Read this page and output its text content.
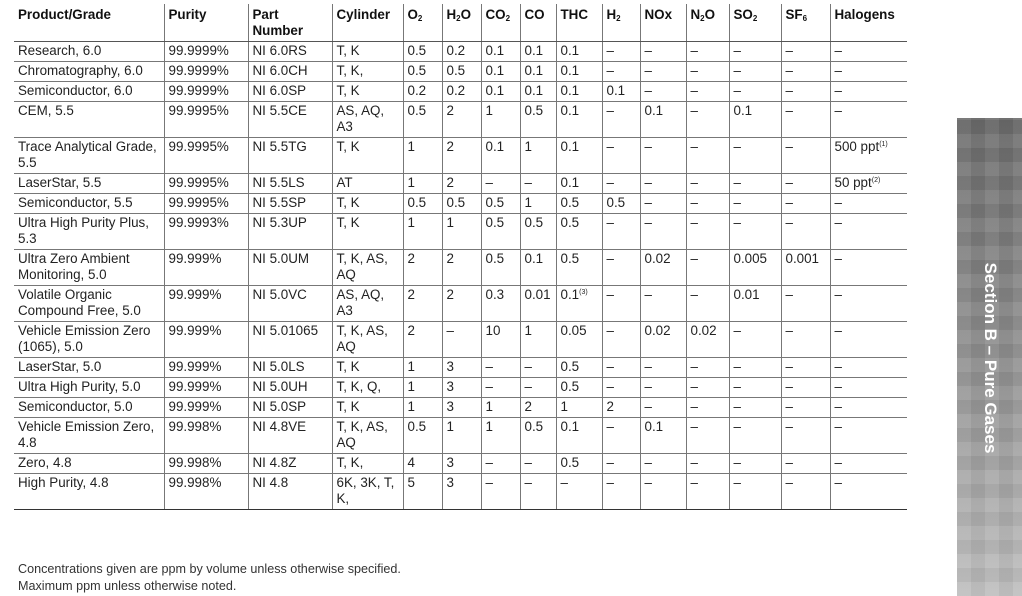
Product/Grade	Purity	Part Number	Cylinder	$O_2$	$H_2O$	$CO_2$	CO	THC	$H_2$	NOx	$N_2O$	$SO_2$	$SF_6$	Halogens
Research, 6.0	99.9999%	NI 6.0RS	T, K	0.5	0.2	0.1	0.1	0.1	–	–	–	–	–	–
Chromatography, 6.0	99.9999%	NI 6.0CH	T, K,	0.5	0.5	0.1	0.1	0.1	–	–	–	–	–	–
Semiconductor, 6.0	99.9999%	NI 6.0SP	T, K	0.2	0.2	0.1	0.1	0.1	0.1	–	–	–	–	–
CEM, 5.5	99.9995%	NI 5.5CE	AS, AQ, A3	0.5	2	1	0.5	0.1	–	0.1	–	0.1	–	–
Trace Analytical Grade, 5.5	99.9995%	NI 5.5TG	T, K	1	2	0.1	1	0.1	–	–	–	–	–	500 ppt$^{(1)}$
LaserStar, 5.5	99.9995%	NI 5.5LS	AT	1	2	–	–	0.1	–	–	–	–	–	50 ppt$^{(2)}$
Semiconductor, 5.5	99.9995%	NI 5.5SP	T, K	0.5	0.5	0.5	1	0.5	0.5	–	–	–	–	–
Ultra High Purity Plus, 5.3	99.9993%	NI 5.3UP	T, K	1	1	0.5	0.5	0.5	–	–	–	–	–	–
Ultra Zero Ambient Monitoring, 5.0	99.999%	NI 5.0UM	T, K, AS, AQ	2	2	0.5	0.1	0.5	–	0.02	–	0.005	0.001	–
Volatile Organic Compound Free, 5.0	99.999%	NI 5.0VC	AS, AQ, A3	2	2	0.3	0.01	0.1$^{(3)}$	–	–	–	0.01	–	–
Vehicle Emission Zero (1065), 5.0	99.999%	NI 5.01065	T, K, AS, AQ	2	–	10	1	0.05	–	0.02	0.02	–	–	–
LaserStar, 5.0	99.999%	NI 5.0LS	T, K	1	3	–	–	0.5	–	–	–	–	–	–
Ultra High Purity, 5.0	99.999%	NI 5.0UH	T, K, Q,	1	3	–	–	0.5	–	–	–	–	–	–
Semiconductor, 5.0	99.999%	NI 5.0SP	T, K	1	3	1	2	1	2	–	–	–	–	–
Vehicle Emission Zero, 4.8	99.998%	NI 4.8VE	T, K, AS, AQ	0.5	1	1	0.5	0.1	–	0.1	–	–	–	–
Zero, 4.8	99.998%	NI 4.8Z	T, K,	4	3	–	–	0.5	–	–	–	–	–	–
High Purity, 4.8	99.998%	NI 4.8	6K, 3K, T, K,	5	3	–	–	–	–	–	–	–	–	–
Concentrations given are ppm by volume unless otherwise specified.
Maximum ppm unless otherwise noted.
Section B – Pure Gases
